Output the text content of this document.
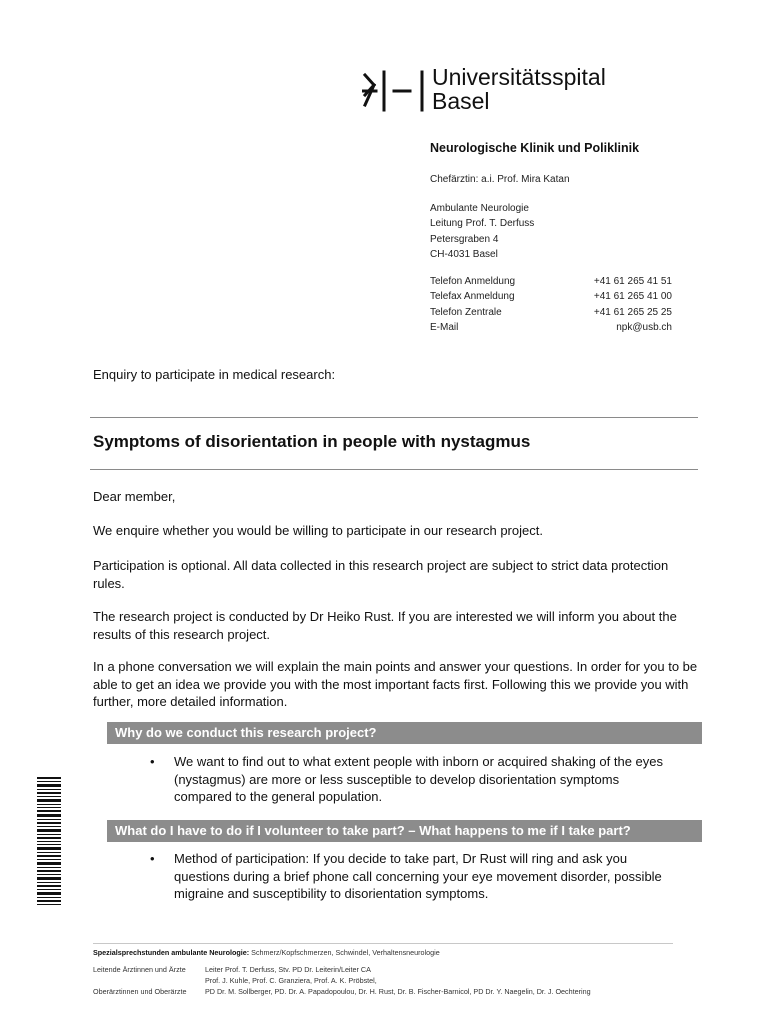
Universitätsspital
Basel
Neurologische Klinik und Poliklinik
Chefärztin: a.i. Prof. Mira Katan
Ambulante Neurologie
Leitung Prof. T. Derfuss
Petersgraben 4
CH-4031 Basel
Telefon Anmeldung	+41 61 265 41 51
Telefax Anmeldung	+41 61 265 41 00
Telefon Zentrale	+41 61 265 25 25
E-Mail	npk@usb.ch
Enquiry to participate in medical research:
Symptoms of disorientation in people with nystagmus
Dear member,
We enquire whether you would be willing to participate in our research project.
Participation is optional. All data collected in this research project are subject to strict data protection rules.
The research project is conducted by Dr Heiko Rust. If you are interested we will inform you about the results of this research project.
In a phone conversation we will explain the main points and answer your questions. In order for you to be able to get an idea we provide you with the most important facts first. Following this we provide you with further, more detailed information.
Why do we conduct this research project?
• We want to find out to what extent people with inborn or acquired shaking of the eyes (nystagmus) are more or less susceptible to develop disorientation symptoms compared to the general population.
What do I have to do if I volunteer to take part? – What happens to me if I take part?
• Method of participation: If you decide to take part, Dr Rust will ring and ask you questions during a brief phone call concerning your eye movement disorder, possible migraine and susceptibility to disorientation symptoms.
Spezialsprechstunden ambulante Neurologie: Schmerz/Kopfschmerzen, Schwindel, Verhaltensneurologie
Leitende Ärztinnen und Ärzte	Leiter Prof. T. Derfuss, Stv. PD Dr. Leiterin/Leiter CA
Prof. J. Kuhle, Prof. C. Granziera, Prof. A. K. Pröbstel,
Oberärztinnen und Oberärzte	PD Dr. M. Sollberger, PD. Dr. A. Papadopoulou, Dr. H. Rust, Dr. B. Fischer-Barnicol, PD Dr. Y. Naegelin, Dr. J. Oechtering
